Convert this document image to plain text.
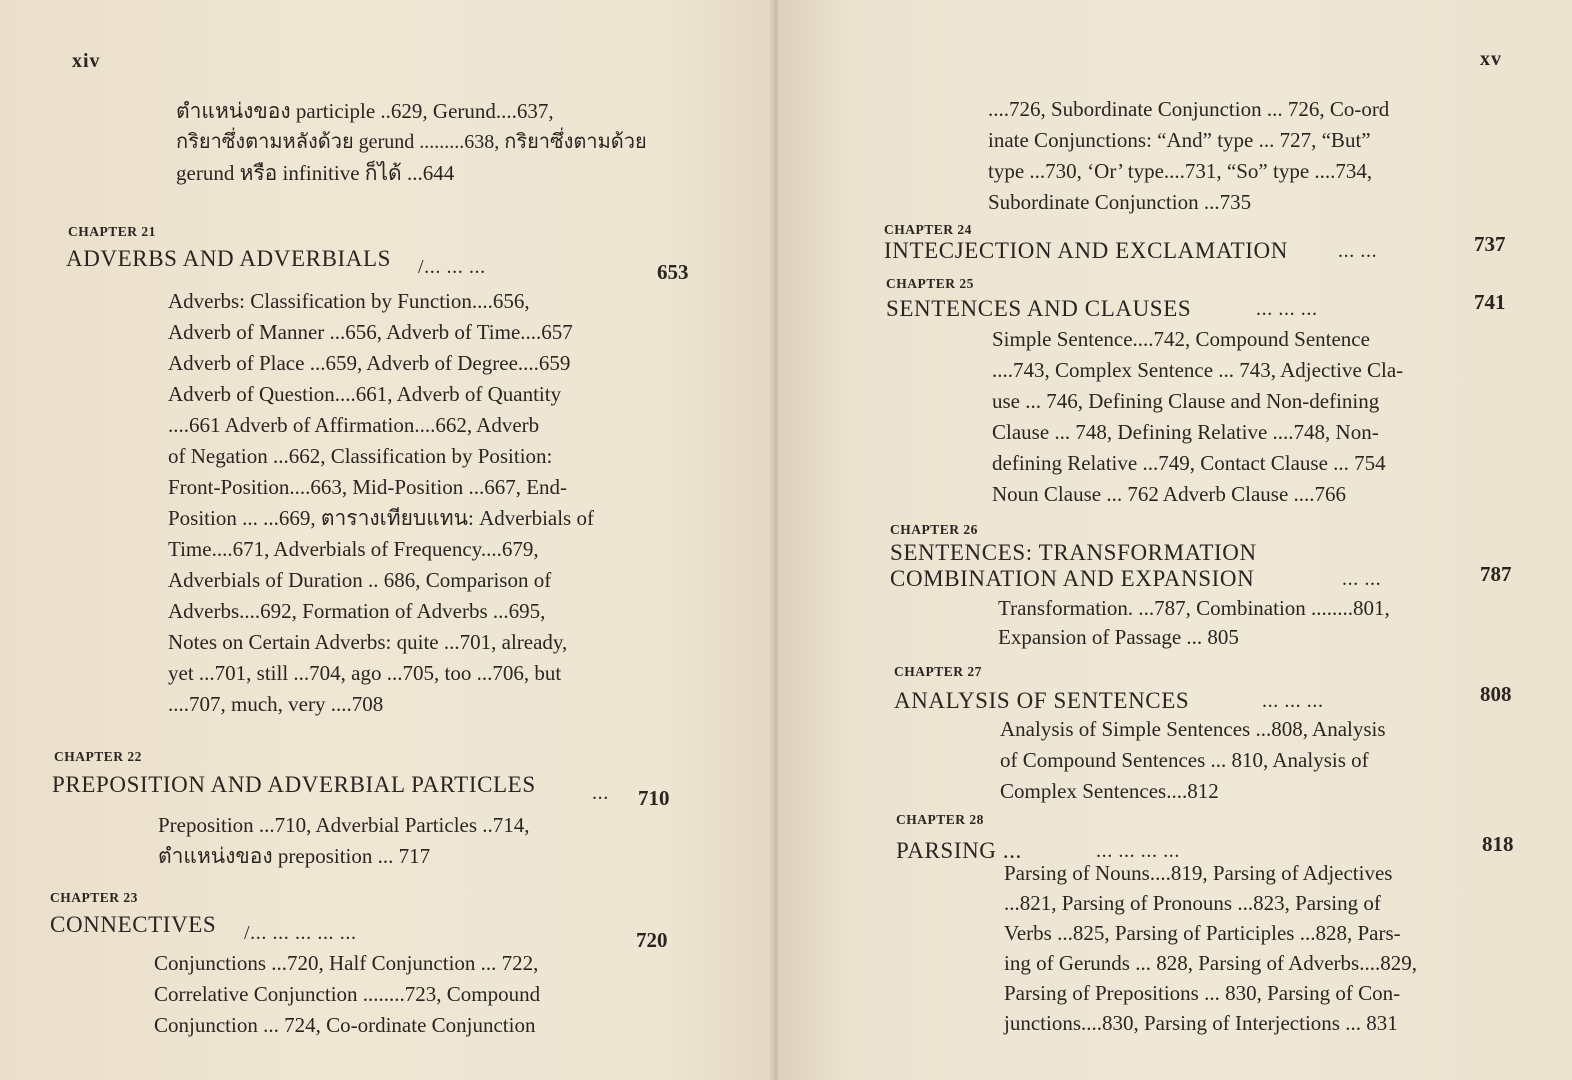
xiv
ตำแหน่งของ participle ..629, Gerund....637,
กริยาซึ่งตามหลังด้วย gerund .........638, กริยาซึ่งตามด้วย
gerund หรือ infinitive ก็ได้ ...644
CHAPTER 21
ADVERBS AND ADVERBIALS /... ... ...	653
Adverbs: Classification by Function....656,
Adverb of Manner ...656, Adverb of Time....657
Adverb of Place ...659, Adverb of Degree....659
Adverb of Question....661, Adverb of Quantity
....661 Adverb of Affirmation....662, Adverb
of Negation ...662, Classification by Position:
Front-Position....663, Mid-Position ...667, End-
Position ... ...669, ตารางเทียบแทน: Adverbials of
Time....671, Adverbials of Frequency....679,
Adverbials of Duration .. 686, Comparison of
Adverbs....692, Formation of Adverbs ...695,
Notes on Certain Adverbs: quite ...701, already,
yet ...701, still ...704, ago ...705, too ...706, but
....707, much, very ....708
CHAPTER 22
PREPOSITION AND ADVERBIAL PARTICLES	... 710
Preposition ...710, Adverbial Particles ..714,
ตำแหน่งของ preposition ... 717
CHAPTER 23
CONNECTIVES /... ... ... ... ...	720
Conjunctions ...720, Half Conjunction ... 722,
Correlative Conjunction ........723, Compound
Conjunction ... 724, Co-ordinate Conjunction
xv
....726, Subordinate Conjunction ... 726, Co-ord
inate Conjunctions: “And” type ... 727, “But”
type ...730, ‘Or’ type....731, “So” type ....734,
Subordinate Conjunction ...735
CHAPTER 24
INTECJECTION AND EXCLAMATION	... ...	737
CHAPTER 25
SENTENCES AND CLAUSES	... ... ...	741
Simple Sentence....742, Compound Sentence
....743, Complex Sentence ... 743, Adjective Cla-
use ... 746, Defining Clause and Non-defining
Clause ... 748, Defining Relative ....748, Non-
defining Relative ...749, Contact Clause ... 754
Noun Clause ... 762 Adverb Clause ....766
CHAPTER 26
SENTENCES: TRANSFORMATION
COMBINATION AND EXPANSION	... ...	787
Transformation. ...787, Combination ........801,
Expansion of Passage ... 805
CHAPTER 27
ANALYSIS OF SENTENCES	... ... ...	808
Analysis of Simple Sentences ...808, Analysis
of Compound Sentences ... 810, Analysis of
Complex Sentences....812
CHAPTER 28
PARSING ...	... ... ... ...	818
Parsing of Nouns....819, Parsing of Adjectives
...821, Parsing of Pronouns ...823, Parsing of
Verbs ...825, Parsing of Participles ...828, Pars-
ing of Gerunds ... 828, Parsing of Adverbs....829,
Parsing of Prepositions ... 830, Parsing of Con-
junctions....830, Parsing of Interjections ... 831
